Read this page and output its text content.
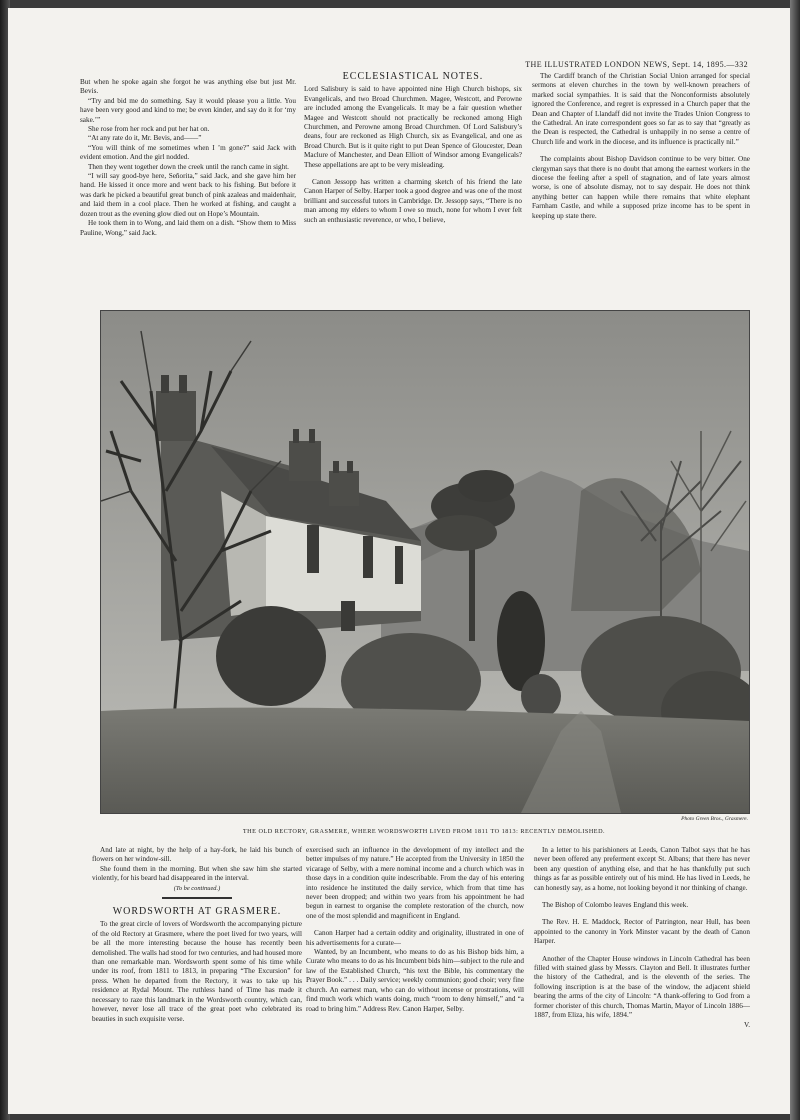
THE ILLUSTRATED LONDON NEWS, Sept. 14, 1895.—332

But when he spoke again she forgot he was anything else but just Mr. Bevis.

“Try and bid me do something. Say it would please you a little. You have been very good and kind to me; be even kinder, and say do it for ‘my sake.’”

She rose from her rock and put her hat on.

“At any rate do it, Mr. Bevis, and——”

“You will think of me sometimes when I ’m gone?” said Jack with evident emotion. And the girl nodded.

Then they went together down the creek until the ranch came in sight.

“I will say good-bye here, Señorita,” said Jack, and she gave him her hand. He kissed it once more and went back to his fishing. But before it was dark he picked a beautiful great bunch of pink azaleas and maidenhair, and laid them in a cool place. Then he worked at fishing, and caught a dozen trout as the evening glow died out on Hope’s Mountain.

He took them in to Wong, and laid them on a dish. “Show them to Miss Pauline, Wong,” said Jack.

ECCLESIASTICAL NOTES.

Lord Salisbury is said to have appointed nine High Church bishops, six Evangelicals, and two Broad Churchmen. Magee, Westcott, and Perowne are included among the Evangelicals. It may be a fair question whether Magee and Westcott should not practically be reckoned among High Churchmen, and Perowne among Broad Churchmen. Of Lord Salisbury’s deans, four are reckoned as High Church, six as Evangelical, and one as Broad Church. But is it quite right to put Dean Spence of Gloucester, Dean Maclure of Manchester, and Dean Elliott of Windsor among Evangelicals? These appellations are apt to be very misleading.

Canon Jessopp has written a charming sketch of his friend the late Canon Harper of Selby. Harper took a good degree and was one of the most brilliant and successful tutors in Cambridge. Dr. Jessopp says, “There is no man among my elders to whom I owe so much, none for whom I ever felt such an enthusiastic reverence, or who, I believe,

The Cardiff branch of the Christian Social Union arranged for special sermons at eleven churches in the town by well-known preachers of marked social sympathies. It is said that the Nonconformists absolutely ignored the Conference, and regret is expressed in a Church paper that the Dean and Chapter of Llandaff did not invite the Trades Union Congress to the Cathedral. An irate correspondent goes so far as to say that “greatly as the Dean is respected, the Cathedral is unhappily in no sense a centre of Church life and work in the diocese, and its influence is practically nil.”

The complaints about Bishop Davidson continue to be very bitter. One clergyman says that there is no doubt that among the earnest workers in the diocese the feeling after a spell of stagnation, and of late years almost worse, is one of absolute dismay, not to say despair. He does not think anything better can happen while there remains that white elephant Farnham Castle, and while a supposed prize income has to be spent in keeping up state there.

Photo Green Bros., Grasmere.
THE OLD RECTORY, GRASMERE, WHERE WORDSWORTH LIVED FROM 1811 TO 1813: RECENTLY DEMOLISHED.

And late at night, by the help of a hay-fork, he laid his bunch of flowers on her window-sill.

She found them in the morning. But when she saw him she started violently, for his beard had disappeared in the interval.

(To be continued.)

WORDSWORTH AT GRASMERE.

To the great circle of lovers of Wordsworth the accompanying picture of the old Rectory at Grasmere, where the poet lived for two years, will be all the more interesting because the house has recently been demolished. The walls had stood for two centuries, and had housed more than one remarkable man. Wordsworth spent some of his time while under its roof, from 1811 to 1813, in preparing “The Excursion” for press. When he departed from the Rectory, it was to take up his residence at Rydal Mount. The ruthless hand of Time has made it necessary to raze this landmark in the Wordsworth country, which can, however, never lose all trace of the great poet who celebrated its beauties in such exquisite verse.

exercised such an influence in the development of my intellect and the better impulses of my nature.” He accepted from the University in 1850 the vicarage of Selby, with a mere nominal income and a church which was in those days in a condition quite indescribable. From the day of his entering into residence he instituted the daily service, which from that time has never been dropped; and within two years from his appointment he had begun in earnest to organise the complete restoration of the church, now one of the most splendid and magnificent in England.

Canon Harper had a certain oddity and originality, illustrated in one of his advertisements for a curate—

Wanted, by an Incumbent, who means to do as his Bishop bids him, a Curate who means to do as his Incumbent bids him—subject to the rule and law of the Established Church, “his text the Bible, his commentary the Prayer Book.” . . . Daily service; weekly communion; good choir; very fine church. An earnest man, who can do without incense or prostrations, will find much work which wants doing, much “room to deny himself,” and “a road to bring him.” Address Rev. Canon Harper, Selby.

In a letter to his parishioners at Leeds, Canon Talbot says that he has never been offered any preferment except St. Albans; that there has never been any question of anything else, and that he has thankfully put such things as far as possible entirely out of his mind. He has lived in Leeds, he can honestly say, as a home, not looking beyond it nor thinking of change.

The Bishop of Colombo leaves England this week.

The Rev. H. E. Maddock, Rector of Patrington, near Hull, has been appointed to the canonry in York Minster vacant by the death of Canon Harper.

Another of the Chapter House windows in Lincoln Cathedral has been filled with stained glass by Messrs. Clayton and Bell. It illustrates further the history of the Cathedral, and is the eleventh of the series. The following inscription is at the base of the window, the adjacent shield bearing the arms of the city of Lincoln: “A thank-offering to God from a former chorister of this church, Thomas Martin, Mayor of Lincoln 1886—1887, from Eliza, his wife, 1894.”

V.
